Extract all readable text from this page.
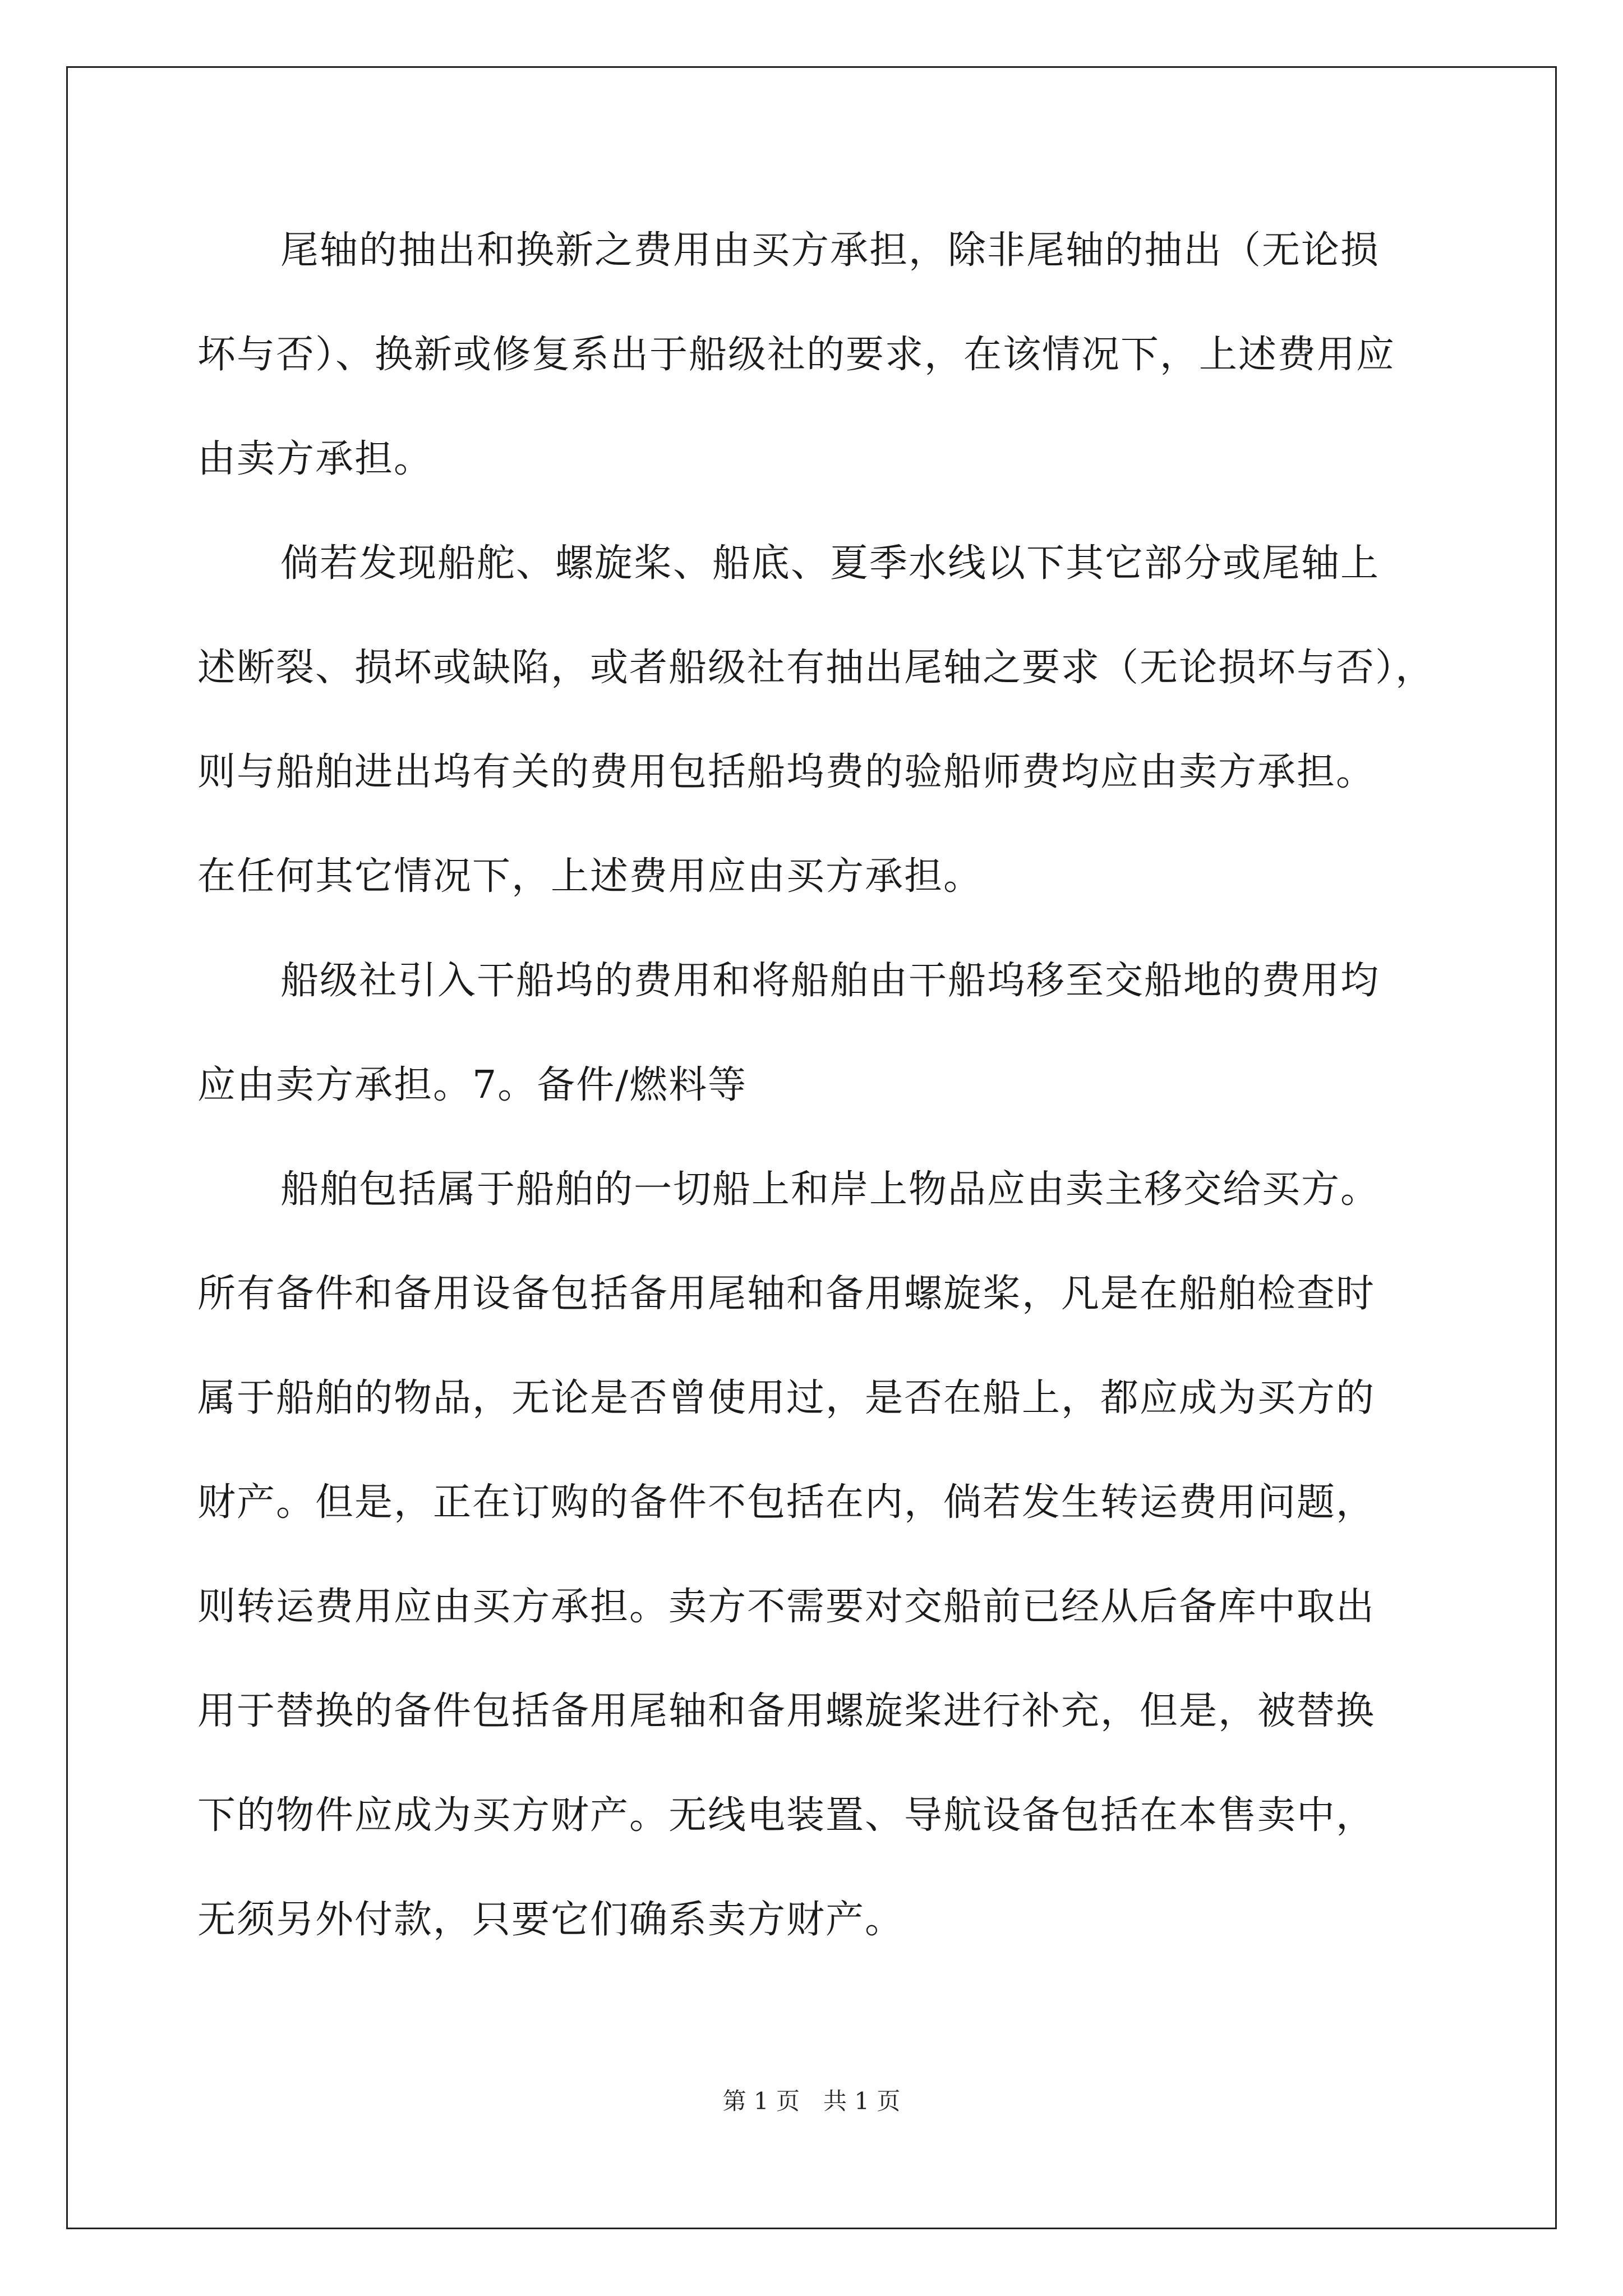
尾轴的抽出和换新之费用由买方承担，除非尾轴的抽出（无论损
坏与否）、换新或修复系出于船级社的要求，在该情况下，上述费用应
由卖方承担。
倘若发现船舵、螺旋桨、船底、夏季水线以下其它部分或尾轴上
述断裂、损坏或缺陷，或者船级社有抽出尾轴之要求（无论损坏与否），
则与船舶进出坞有关的费用包括船坞费的验船师费均应由卖方承担。
在任何其它情况下，上述费用应由买方承担。
船级社引入干船坞的费用和将船舶由干船坞移至交船地的费用均
应由卖方承担。7。备件/燃料等
船舶包括属于船舶的一切船上和岸上物品应由卖主移交给买方。
所有备件和备用设备包括备用尾轴和备用螺旋桨，凡是在船舶检查时
属于船舶的物品，无论是否曾使用过，是否在船上，都应成为买方的
财产。但是，正在订购的备件不包括在内，倘若发生转运费用问题，
则转运费用应由买方承担。卖方不需要对交船前已经从后备库中取出
用于替换的备件包括备用尾轴和备用螺旋桨进行补充，但是，被替换
下的物件应成为买方财产。无线电装置、导航设备包括在本售卖中，
无须另外付款，只要它们确系卖方财产。
第 1 页　共 1 页
